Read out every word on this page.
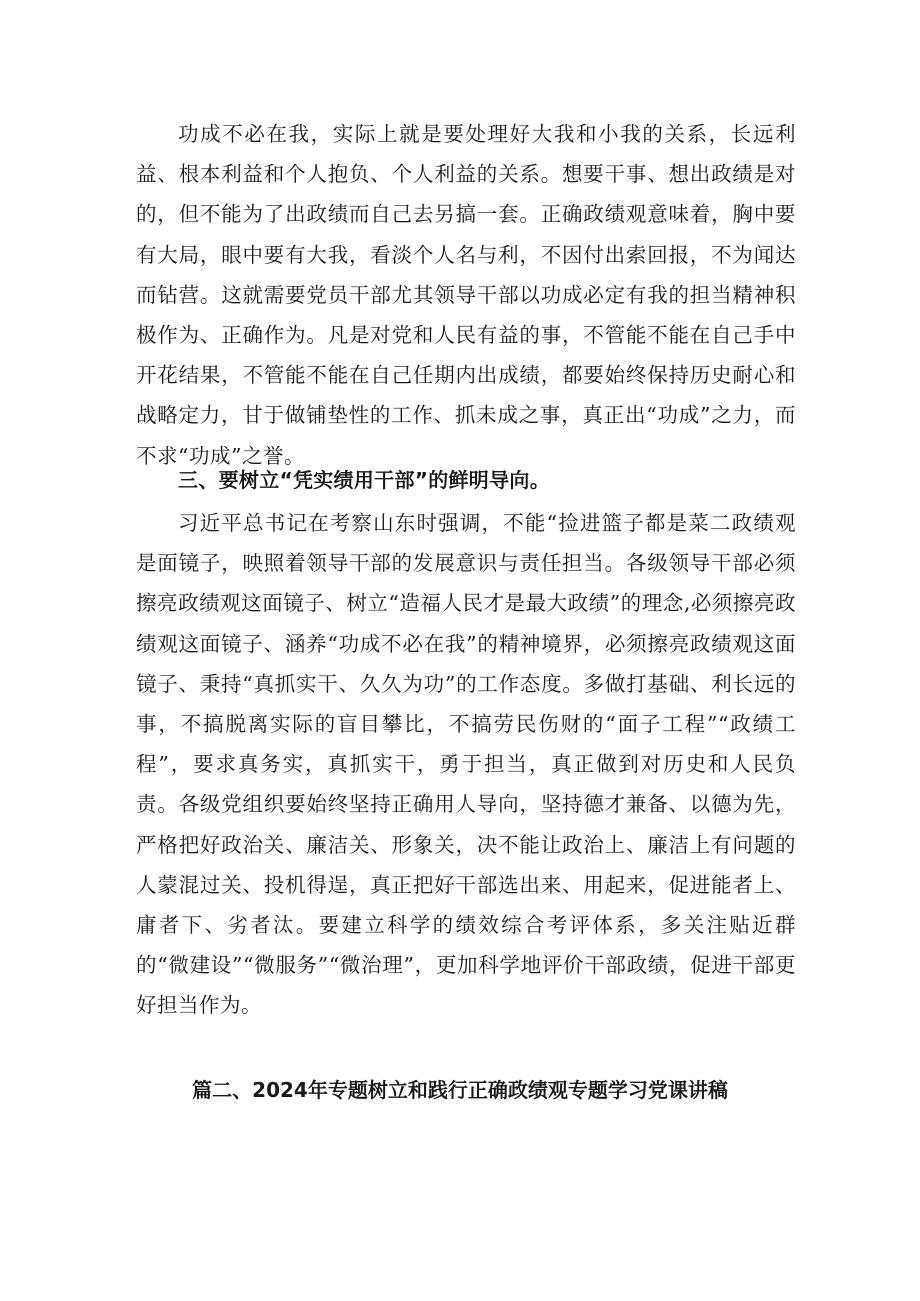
功成不必在我，实际上就是要处理好大我和小我的关系，长远利益、根本利益和个人抱负、个人利益的关系。想要干事、想出政绩是对的，但不能为了出政绩而自己去另搞一套。正确政绩观意味着，胸中要有大局，眼中要有大我，看淡个人名与利，不因付出索回报，不为闻达而钻营。这就需要党员干部尤其领导干部以功成必定有我的担当精神积极作为、正确作为。凡是对党和人民有益的事，不管能不能在自己手中开花结果，不管能不能在自己任期内出成绩，都要始终保持历史耐心和战略定力，甘于做铺垫性的工作、抓未成之事，真正出“功成”之力，而不求“功成”之誉。

三、要树立“凭实绩用干部”的鲜明导向。

习近平总书记在考察山东时强调，不能“捡进篮子都是菜二政绩观是面镜子，映照着领导干部的发展意识与责任担当。各级领导干部必须擦亮政绩观这面镜子、树立“造福人民才是最大政绩”的理念,必须擦亮政绩观这面镜子、涵养“功成不必在我”的精神境界，必须擦亮政绩观这面镜子、秉持“真抓实干、久久为功”的工作态度。多做打基础、利长远的事，不搞脱离实际的盲目攀比，不搞劳民伤财的“面子工程”“政绩工程”，要求真务实，真抓实干，勇于担当，真正做到对历史和人民负责。各级党组织要始终坚持正确用人导向，坚持德才兼备、以德为先，严格把好政治关、廉洁关、形象关，决不能让政治上、廉洁上有问题的人蒙混过关、投机得逞，真正把好干部选出来、用起来，促进能者上、庸者下、劣者汰。要建立科学的绩效综合考评体系，多关注贴近群的“微建设”“微服务”“微治理”，更加科学地评价干部政绩，促进干部更好担当作为。

篇二、2024年专题树立和践行正确政绩观专题学习党课讲稿
